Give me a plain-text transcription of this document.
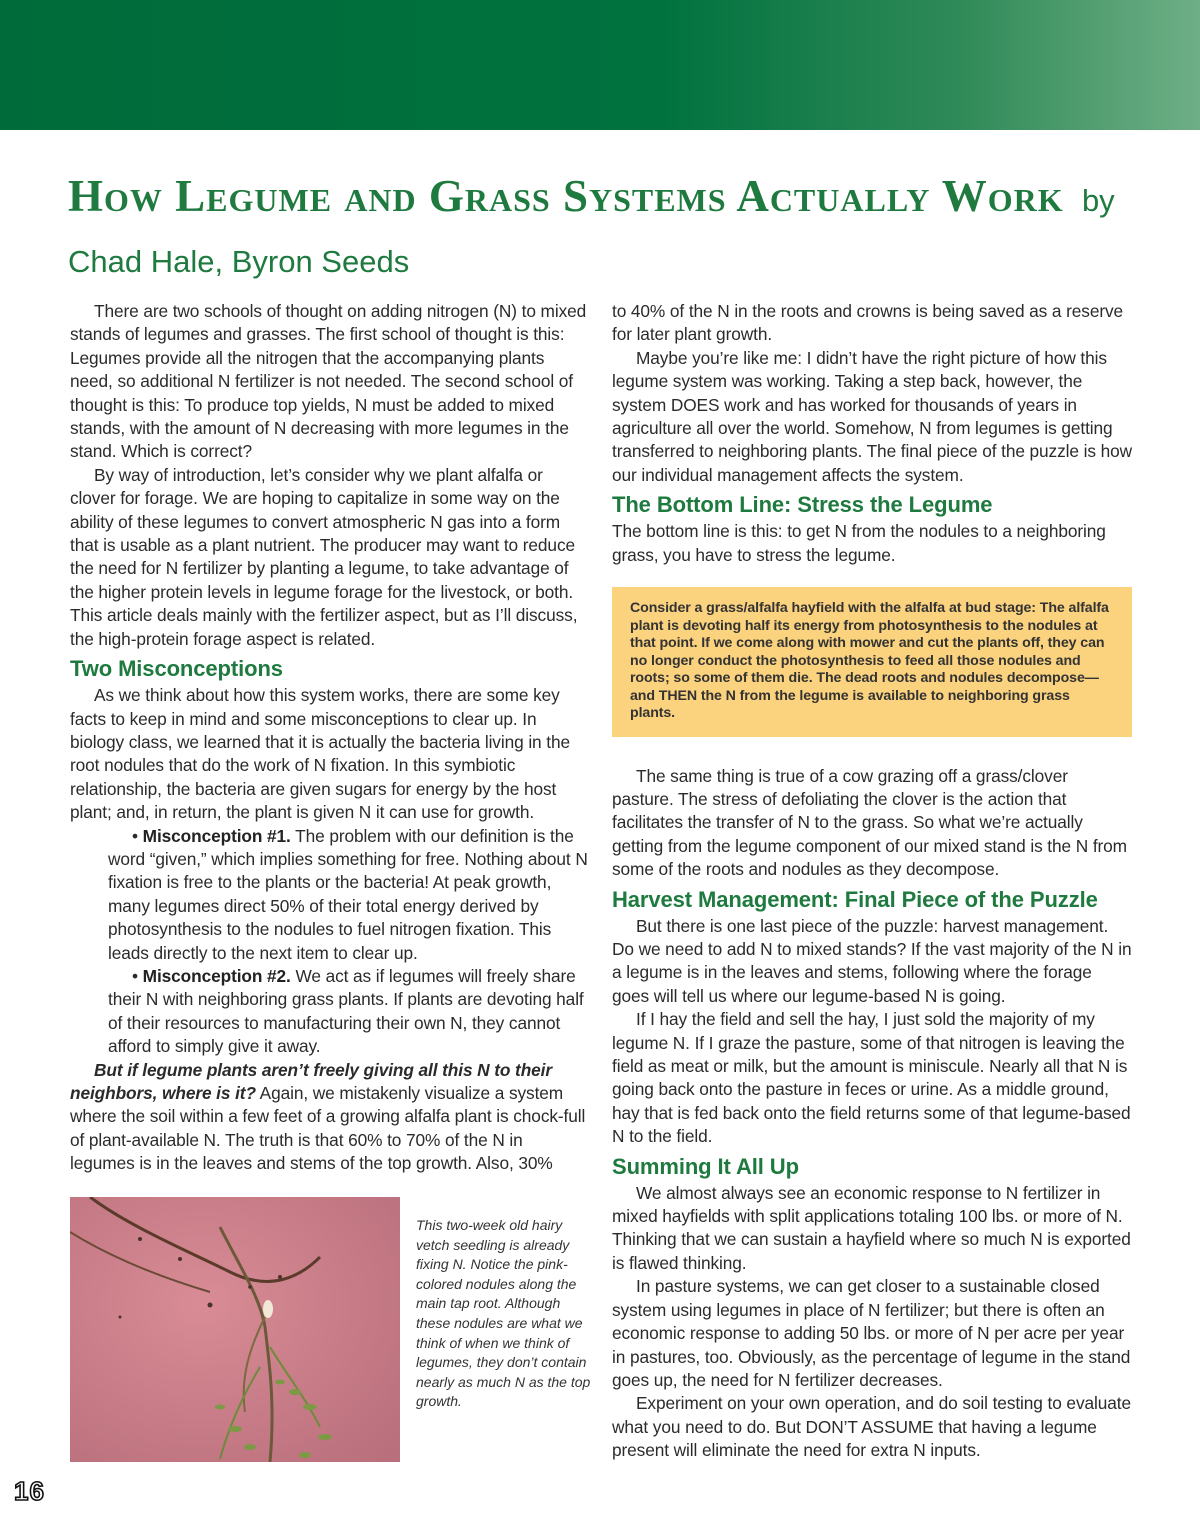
How Legume and Grass Systems Actually Work by Chad Hale, Byron Seeds

There are two schools of thought on adding nitrogen (N) to mixed stands of legumes and grasses. The first school of thought is this: Legumes provide all the nitrogen that the accompanying plants need, so additional N fertilizer is not needed. The second school of thought is this: To produce top yields, N must be added to mixed stands, with the amount of N decreasing with more legumes in the stand. Which is correct?

By way of introduction, let’s consider why we plant alfalfa or clover for forage. We are hoping to capitalize in some way on the ability of these legumes to convert atmospheric N gas into a form that is usable as a plant nutrient. The producer may want to reduce the need for N fertilizer by planting a legume, to take advantage of the higher protein levels in legume forage for the livestock, or both. This article deals mainly with the fertilizer aspect, but as I’ll discuss, the high-protein forage aspect is related.

Two Misconceptions

As we think about how this system works, there are some key facts to keep in mind and some misconceptions to clear up. In biology class, we learned that it is actually the bacteria living in the root nodules that do the work of N fixation. In this symbiotic relationship, the bacteria are given sugars for energy by the host plant; and, in return, the plant is given N it can use for growth.

• Misconception #1. The problem with our definition is the word “given,” which implies something for free. Nothing about N fixation is free to the plants or the bacteria! At peak growth, many legumes direct 50% of their total energy derived by photosynthesis to the nodules to fuel nitrogen fixation. This leads directly to the next item to clear up.

• Misconception #2. We act as if legumes will freely share their N with neighboring grass plants. If plants are devoting half of their resources to manufacturing their own N, they cannot afford to simply give it away.

But if legume plants aren’t freely giving all this N to their neighbors, where is it? Again, we mistakenly visualize a system where the soil within a few feet of a growing alfalfa plant is chock-full of plant-available N. The truth is that 60% to 70% of the N in legumes is in the leaves and stems of the top growth. Also, 30%

to 40% of the N in the roots and crowns is being saved as a reserve for later plant growth.

Maybe you’re like me: I didn’t have the right picture of how this legume system was working. Taking a step back, however, the system DOES work and has worked for thousands of years in agriculture all over the world. Somehow, N from legumes is getting transferred to neighboring plants. The final piece of the puzzle is how our individual management affects the system.

The Bottom Line: Stress the Legume

The bottom line is this: to get N from the nodules to a neighboring grass, you have to stress the legume.

Consider a grass/alfalfa hayfield with the alfalfa at bud stage: The alfalfa plant is devoting half its energy from photosynthesis to the nodules at that point. If we come along with mower and cut the plants off, they can no longer conduct the photosynthesis to feed all those nodules and roots; so some of them die. The dead roots and nodules decompose—and THEN the N from the legume is available to neighboring grass plants.

The same thing is true of a cow grazing off a grass/clover pasture. The stress of defoliating the clover is the action that facilitates the transfer of N to the grass. So what we’re actually getting from the legume component of our mixed stand is the N from some of the roots and nodules as they decompose.

Harvest Management: Final Piece of the Puzzle

But there is one last piece of the puzzle: harvest management. Do we need to add N to mixed stands? If the vast majority of the N in a legume is in the leaves and stems, following where the forage goes will tell us where our legume-based N is going.

If I hay the field and sell the hay, I just sold the majority of my legume N. If I graze the pasture, some of that nitrogen is leaving the field as meat or milk, but the amount is miniscule. Nearly all that N is going back onto the pasture in feces or urine. As a middle ground, hay that is fed back onto the field returns some of that legume-based N to the field.

Summing It All Up

We almost always see an economic response to N fertilizer in mixed hayfields with split applications totaling 100 lbs. or more of N. Thinking that we can sustain a hayfield where so much N is exported is flawed thinking.

In pasture systems, we can get closer to a sustainable closed system using legumes in place of N fertilizer; but there is often an economic response to adding 50 lbs. or more of N per acre per year in pastures, too. Obviously, as the percentage of legume in the stand goes up, the need for N fertilizer decreases.

Experiment on your own operation, and do soil testing to evaluate what you need to do. But DON’T ASSUME that having a legume present will eliminate the need for extra N inputs.

This two-week old hairy vetch seedling is already fixing N. Notice the pink-colored nodules along the main tap root. Although these nodules are what we think of when we think of legumes, they don’t contain nearly as much N as the top growth.
16
